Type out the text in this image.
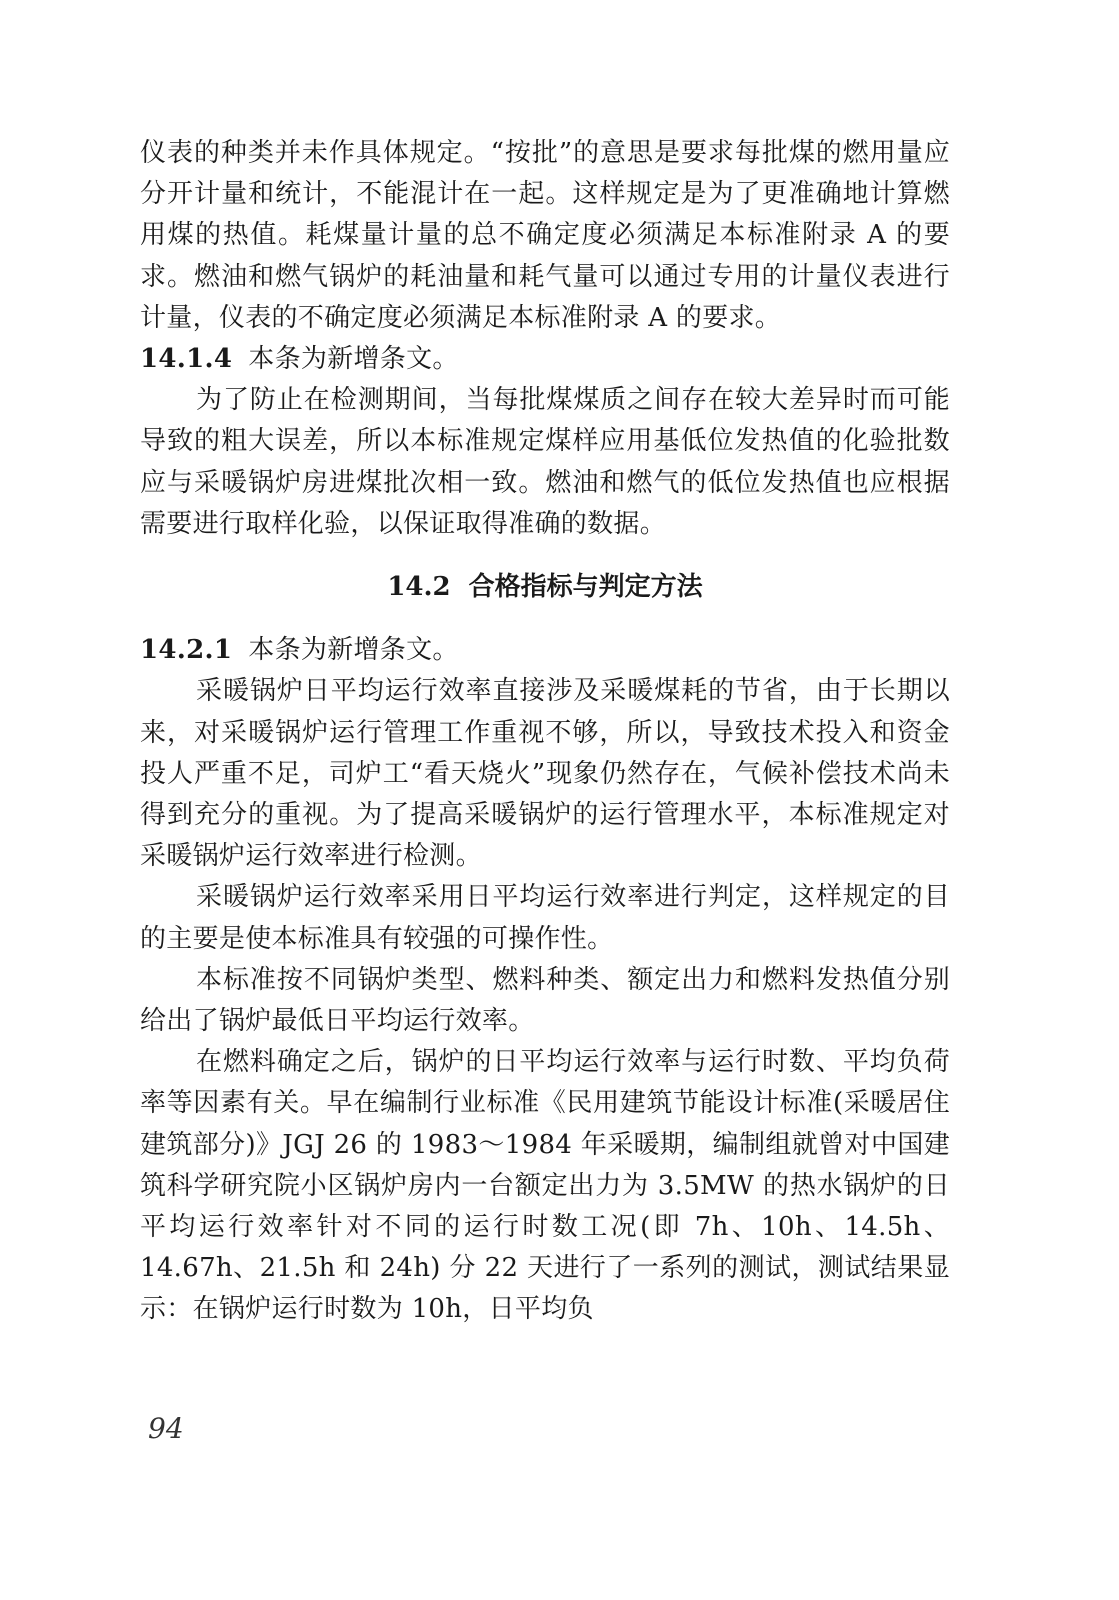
仪表的种类并未作具体规定。“按批”的意思是要求每批煤的燃用量应分开计量和统计，不能混计在一起。这样规定是为了更准确地计算燃用煤的热值。耗煤量计量的总不确定度必须满足本标准附录 A 的要求。燃油和燃气锅炉的耗油量和耗气量可以通过专用的计量仪表进行计量，仪表的不确定度必须满足本标准附录 A 的要求。

14.1.4 本条为新增条文。

为了防止在检测期间，当每批煤煤质之间存在较大差异时而可能导致的粗大误差，所以本标准规定煤样应用基低位发热值的化验批数应与采暖锅炉房进煤批次相一致。燃油和燃气的低位发热值也应根据需要进行取样化验，以保证取得准确的数据。

14.2 合格指标与判定方法

14.2.1 本条为新增条文。

采暖锅炉日平均运行效率直接涉及采暖煤耗的节省，由于长期以来，对采暖锅炉运行管理工作重视不够，所以，导致技术投入和资金投人严重不足，司炉工“看天烧火”现象仍然存在，气候补偿技术尚未得到充分的重视。为了提高采暖锅炉的运行管理水平，本标准规定对采暖锅炉运行效率进行检测。

采暖锅炉运行效率采用日平均运行效率进行判定，这样规定的目的主要是使本标准具有较强的可操作性。

本标准按不同锅炉类型、燃料种类、额定出力和燃料发热值分别给出了锅炉最低日平均运行效率。

在燃料确定之后，锅炉的日平均运行效率与运行时数、平均负荷率等因素有关。早在编制行业标准《民用建筑节能设计标准(采暖居住建筑部分)》JGJ 26 的 1983～1984 年采暖期，编制组就曾对中国建筑科学研究院小区锅炉房内一台额定出力为 3.5MW 的热水锅炉的日平均运行效率针对不同的运行时数工况(即 7h、10h、14.5h、14.67h、21.5h 和 24h) 分 22 天进行了一系列的测试，测试结果显示：在锅炉运行时数为 10h，日平均负

94
